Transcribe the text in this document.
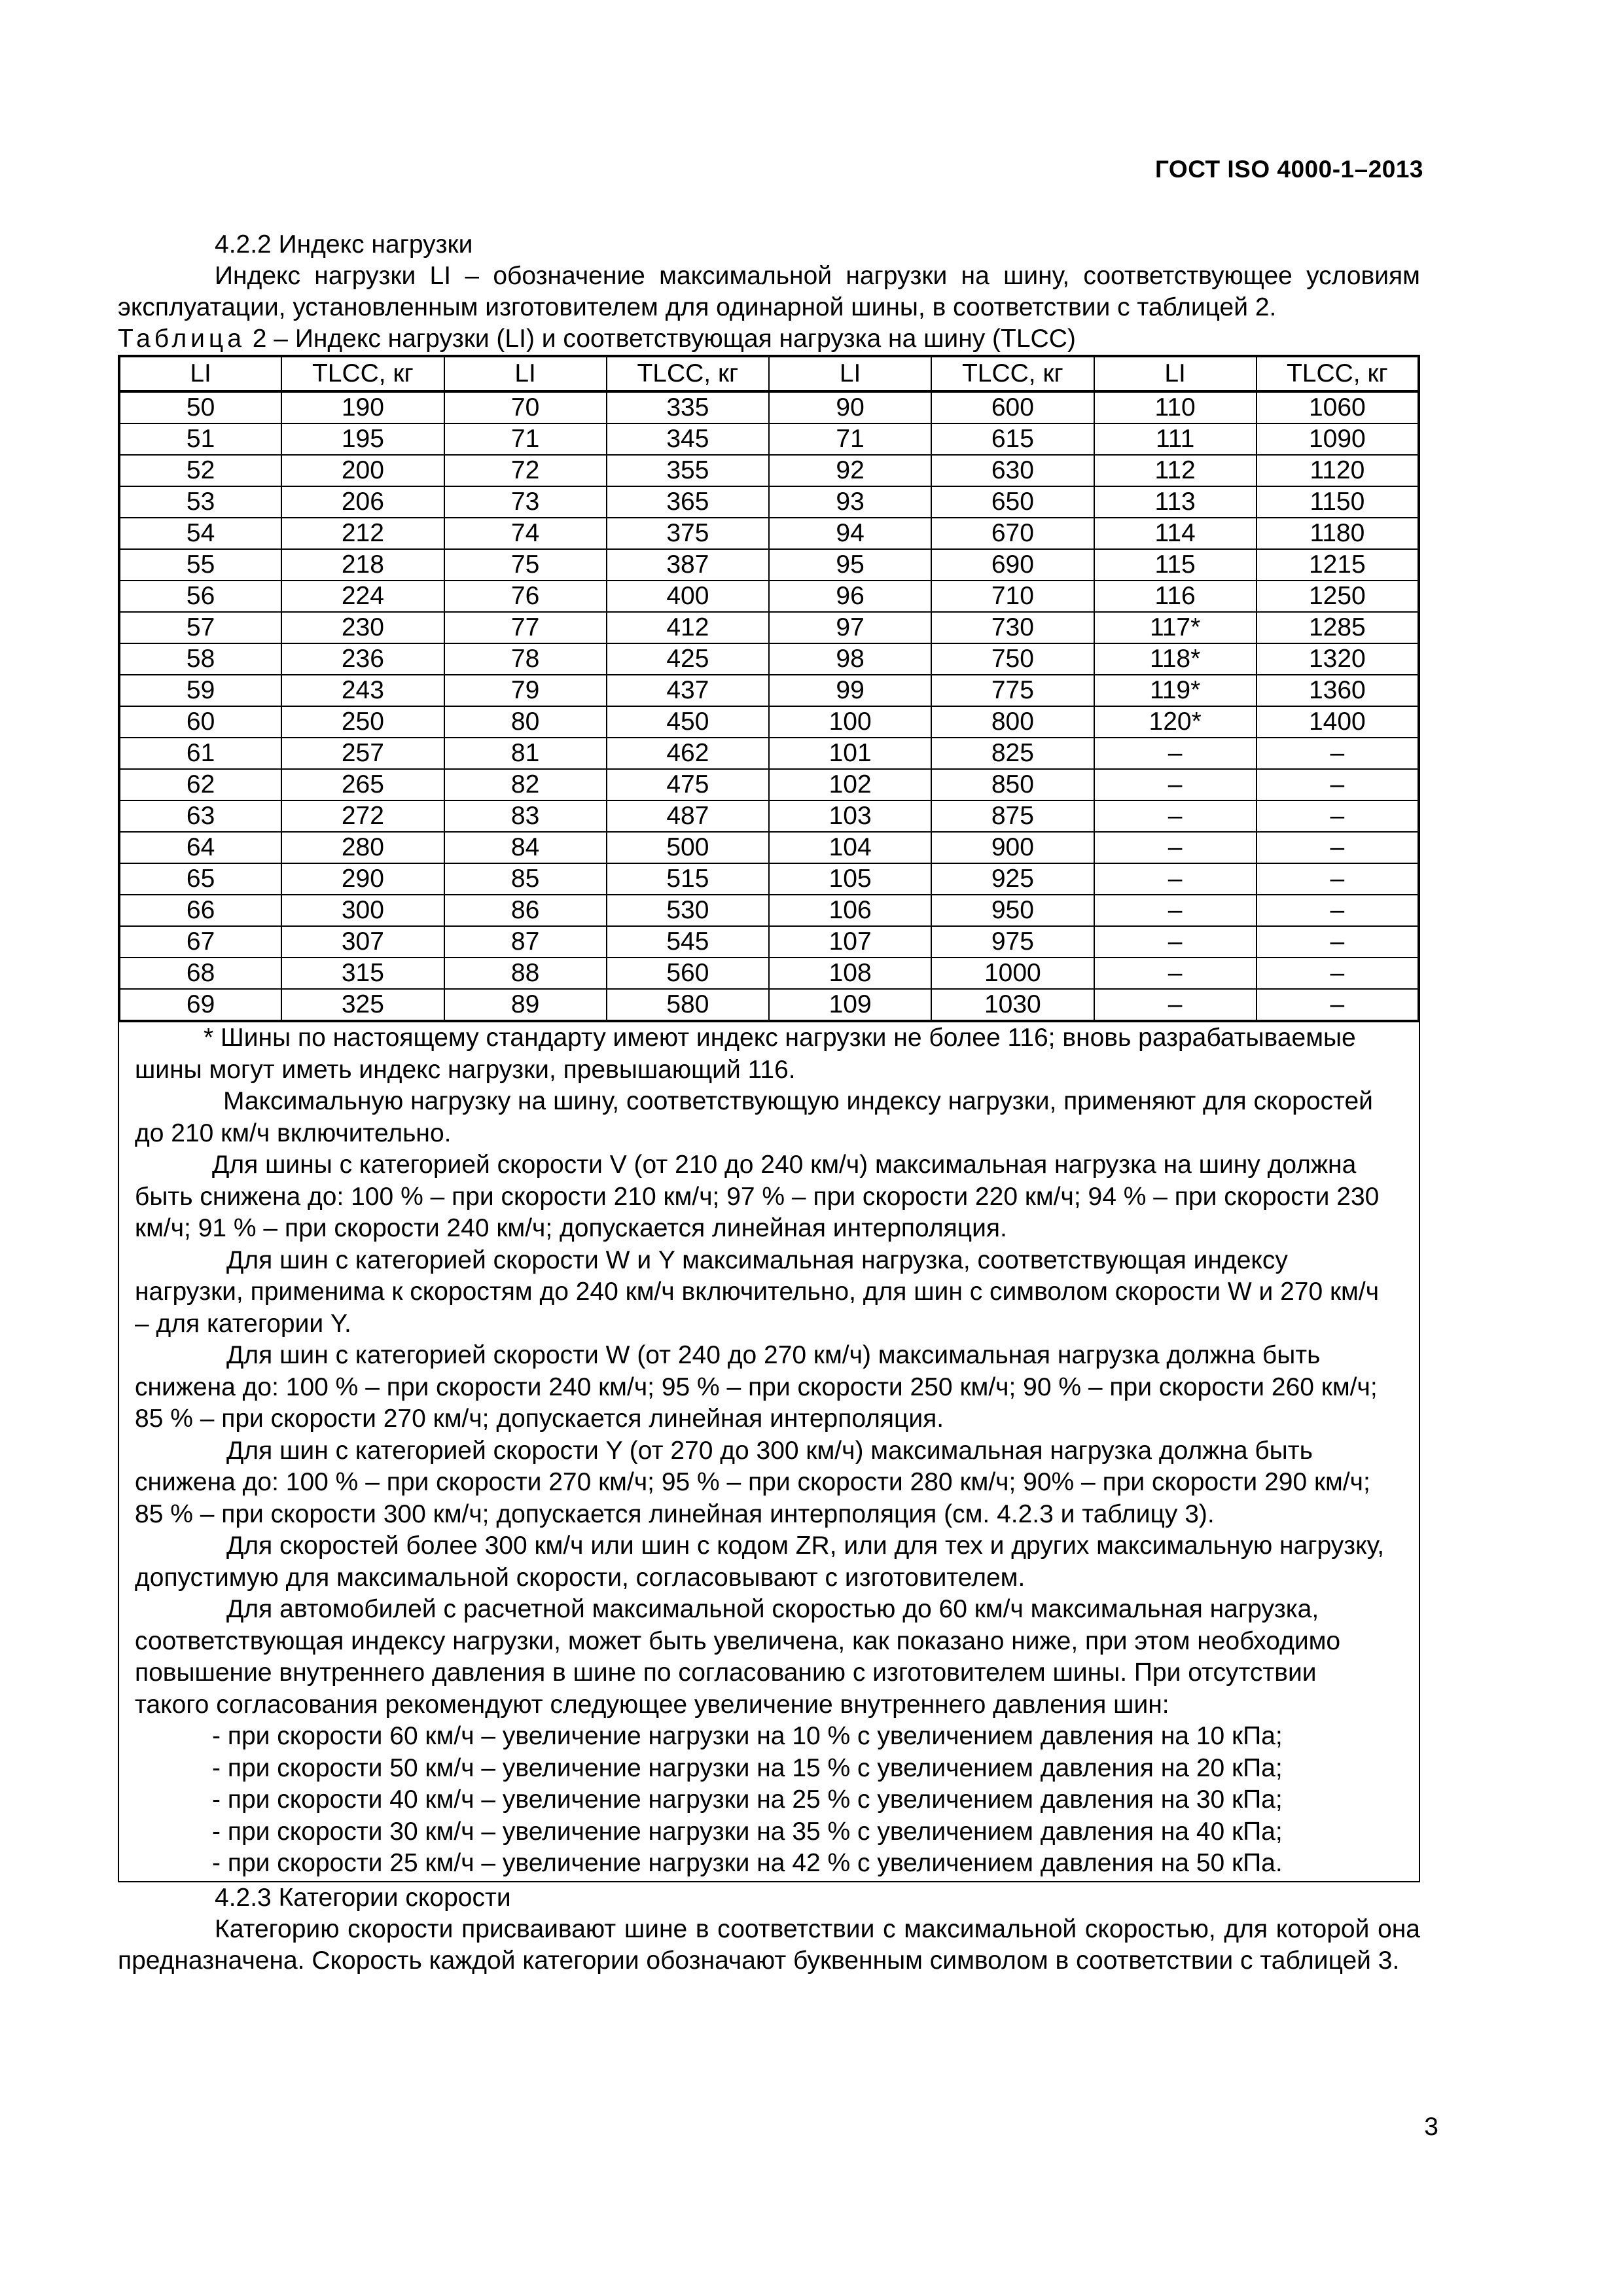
ГОСТ ISO 4000-1–2013

4.2.2 Индекс нагрузки

Индекс нагрузки LI – обозначение максимальной нагрузки на шину, соответствующее условиям эксплуатации, установленным изготовителем для одинарной шины, в соответствии с таблицей 2.

Таблица 2 – Индекс нагрузки (LI) и соответствующая нагрузка на шину (TLCC)

LI	TLCC, кг	LI	TLCC, кг	LI	TLCC, кг	LI	TLCC, кг
50	190	70	335	90	600	110	1060
51	195	71	345	71	615	111	1090
52	200	72	355	92	630	112	1120
53	206	73	365	93	650	113	1150
54	212	74	375	94	670	114	1180
55	218	75	387	95	690	115	1215
56	224	76	400	96	710	116	1250
57	230	77	412	97	730	117*	1285
58	236	78	425	98	750	118*	1320
59	243	79	437	99	775	119*	1360
60	250	80	450	100	800	120*	1400
61	257	81	462	101	825	–	–
62	265	82	475	102	850	–	–
63	272	83	487	103	875	–	–
64	280	84	500	104	900	–	–
65	290	85	515	105	925	–	–
66	300	86	530	106	950	–	–
67	307	87	545	107	975	–	–
68	315	88	560	108	1000	–	–
69	325	89	580	109	1030	–	–

* Шины по настоящему стандарту имеют индекс нагрузки не более 116; вновь разрабатываемые шины могут иметь индекс нагрузки, превышающий 116.

Максимальную нагрузку на шину, соответствующую индексу нагрузки, применяют для скоростей до 210 км/ч включительно.

Для шины с категорией скорости V (от 210 до 240 км/ч) максимальная нагрузка на шину должна быть снижена до: 100 % – при скорости 210 км/ч; 97 % – при скорости 220 км/ч; 94 % – при скорости 230 км/ч; 91 % – при скорости 240 км/ч; допускается линейная интерполяция.

Для шин с категорией скорости W и Y максимальная нагрузка, соответствующая индексу нагрузки, применима к скоростям до 240 км/ч включительно, для шин с символом скорости W и 270 км/ч – для категории Y.

Для шин с категорией скорости W (от 240 до 270 км/ч) максимальная нагрузка должна быть снижена до: 100 % – при скорости 240 км/ч; 95 % – при скорости 250 км/ч; 90 % – при скорости 260 км/ч; 85 % – при скорости 270 км/ч; допускается линейная интерполяция.

Для шин с категорией скорости Y (от 270 до 300 км/ч) максимальная нагрузка должна быть снижена до: 100 % – при скорости 270 км/ч; 95 % – при скорости 280 км/ч; 90% – при скорости 290 км/ч; 85 % – при скорости 300 км/ч; допускается линейная интерполяция (см. 4.2.3 и таблицу 3).

Для скоростей более 300 км/ч или шин с кодом ZR, или для тех и других максимальную нагрузку, допустимую для максимальной скорости, согласовывают с изготовителем.

Для автомобилей с расчетной максимальной скоростью до 60 км/ч максимальная нагрузка, соответствующая индексу нагрузки, может быть увеличена, как показано ниже, при этом необходимо повышение внутреннего давления в шине по согласованию с изготовителем шины. При отсутствии такого согласования рекомендуют следующее увеличение внутреннего давления шин:

- при скорости 60 км/ч – увеличение нагрузки на 10 % с увеличением давления на 10 кПа;

- при скорости 50 км/ч – увеличение нагрузки на 15 % с увеличением давления на 20 кПа;

- при скорости 40 км/ч – увеличение нагрузки на 25 % с увеличением давления на 30 кПа;

- при скорости 30 км/ч – увеличение нагрузки на 35 % с увеличением давления на 40 кПа;

- при скорости 25 км/ч – увеличение нагрузки на 42 % с увеличением давления на 50 кПа.

4.2.3 Категории скорости

Категорию скорости присваивают шине в соответствии с максимальной скоростью, для которой она предназначена. Скорость каждой категории обозначают буквенным символом в соответствии с таблицей 3.

3
